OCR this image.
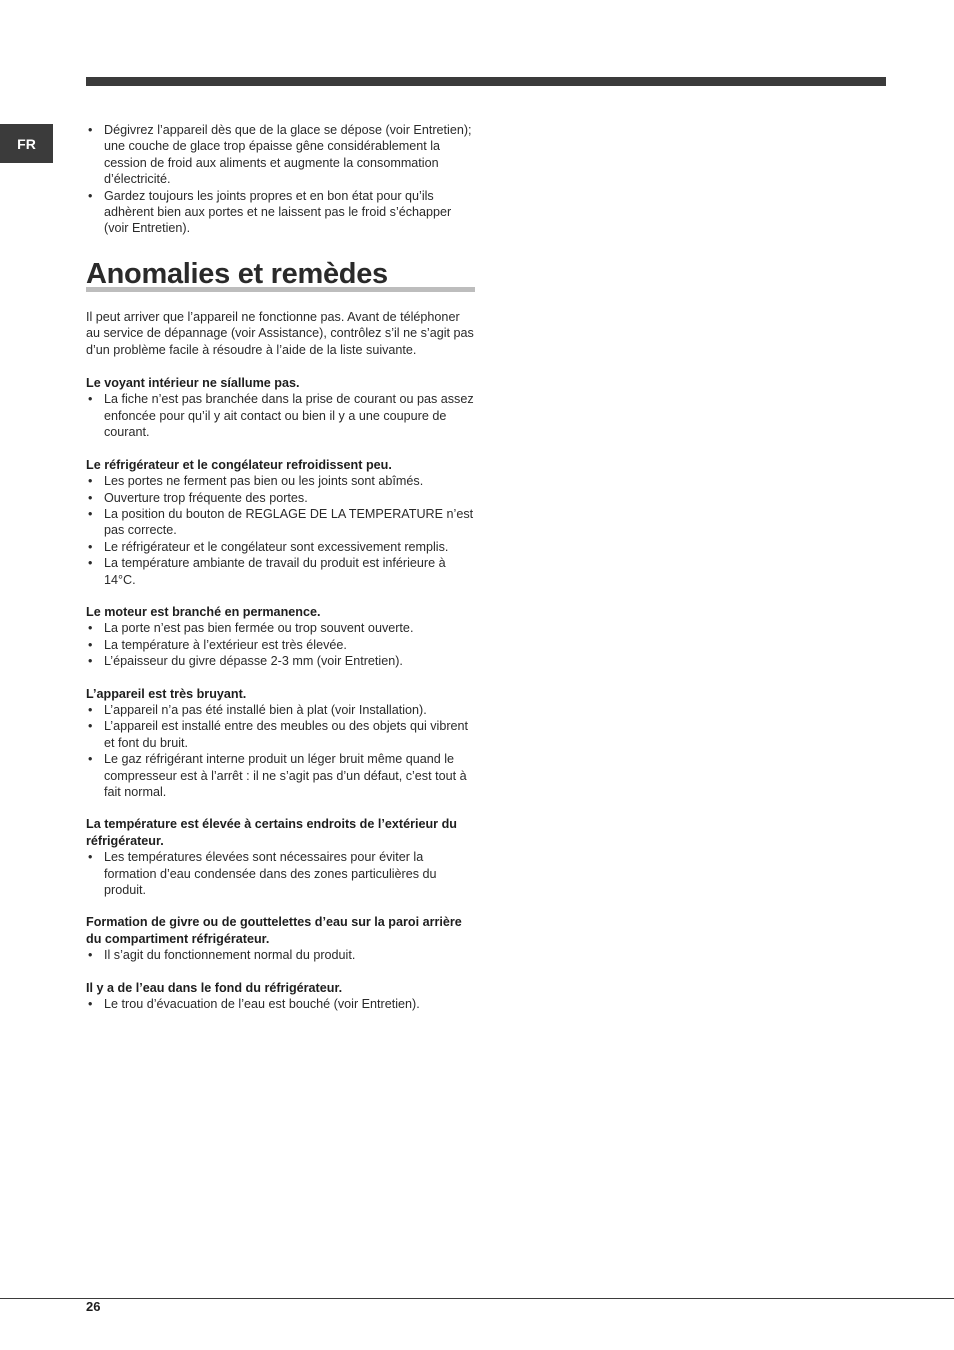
FR
• Dégivrez l’appareil dès que de la glace se dépose (voir Entretien); une couche de glace trop épaisse gêne considérablement la cession de froid aux aliments et augmente la consommation d’électricité.
• Gardez toujours les joints propres et en bon état pour qu’ils adhèrent bien aux portes et ne laissent pas le froid s’échapper (voir Entretien).
Anomalies et remèdes

Il peut arriver que l’appareil ne fonctionne pas. Avant de téléphoner au service de dépannage (voir Assistance), contrôlez s’il ne s’agit pas d’un problème facile à résoudre à l’aide de la liste suivante.

Le voyant intérieur ne síallume pas.
• La fiche n’est pas branchée dans la prise de courant ou pas assez enfoncée pour qu’il y ait contact ou bien il y a une coupure de courant.
Le réfrigérateur et le congélateur refroidissent peu.
• Les portes ne ferment pas bien ou les joints sont abîmés.
• Ouverture trop fréquente des portes.
• La position du bouton de REGLAGE DE LA TEMPERATURE n’est pas correcte.
• Le réfrigérateur et le congélateur sont excessivement remplis.
• La température ambiante de travail du produit est inférieure à 14°C.
Le moteur est branché en permanence.
• La porte n’est pas bien fermée ou trop souvent ouverte.
• La température à l’extérieur est très élevée.
• L’épaisseur du givre dépasse 2-3 mm (voir Entretien).
L’appareil est très bruyant.
• L’appareil n’a pas été installé bien à plat (voir Installation).
• L’appareil est installé entre des meubles ou des objets qui vibrent et font du bruit.
• Le gaz réfrigérant interne produit un léger bruit même quand le compresseur est à l’arrêt : il ne s’agit pas d’un défaut, c’est tout à fait normal.
La température est élevée à certains endroits de l’extérieur du réfrigérateur.
• Les températures élevées sont nécessaires pour éviter la formation d’eau condensée dans des zones particulières du produit.
Formation de givre ou de gouttelettes d’eau sur la paroi arrière du compartiment réfrigérateur.
• Il s’agit du fonctionnement normal du produit.
Il y a de l’eau dans le fond du réfrigérateur.
• Le trou d’évacuation de l’eau est bouché (voir Entretien).
26
